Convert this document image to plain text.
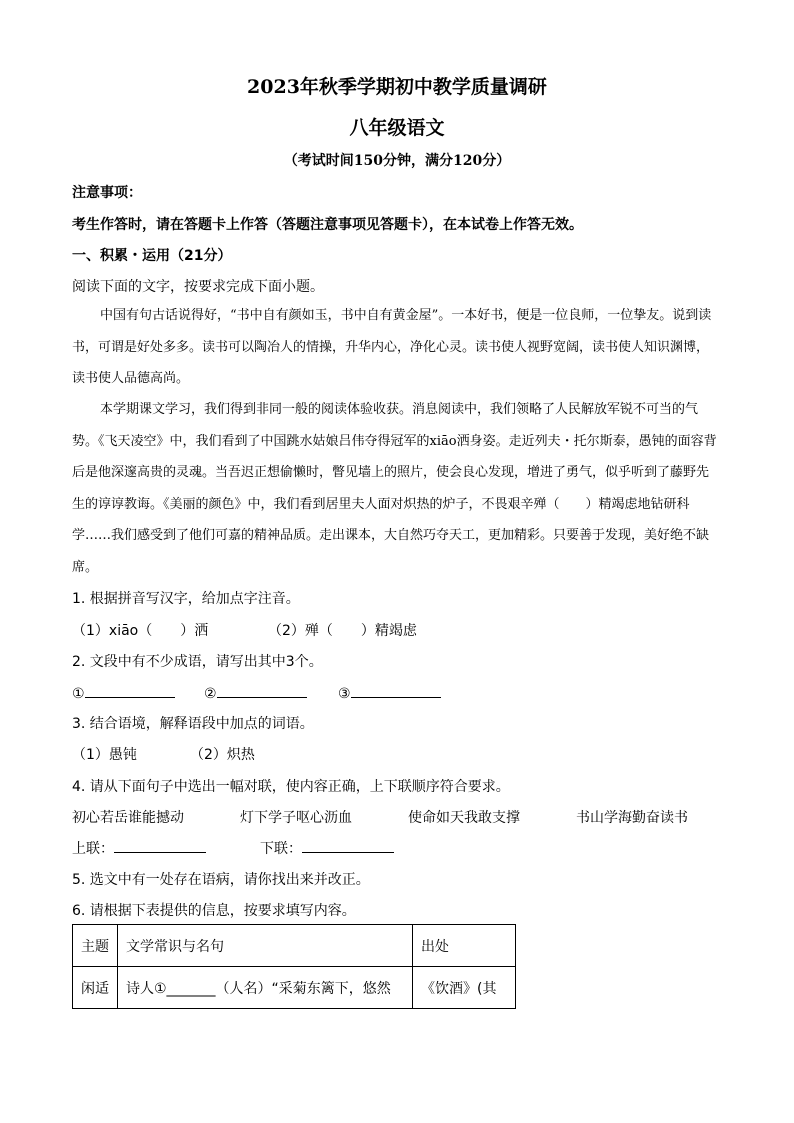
2023年秋季学期初中教学质量调研
八年级语文
（考试时间150分钟，满分120分）
注意事项：
考生作答时，请在答题卡上作答（答题注意事项见答题卡），在本试卷上作答无效。
一、积累・运用（21分）
阅读下面的文字，按要求完成下面小题。
中国有句古话说得好，“书中自有颜如玉，书中自有黄金屋”。一本好书，便是一位良师，一位挚友。说到读书，可谓是好处多多。读书可以陶冶人的情操，升华内心，净化心灵。读书使人视野宽阔，读书使人知识渊博，读书使人品德高尚。
本学期课文学习，我们得到非同一般的阅读体验收获。消息阅读中，我们领略了人民解放军锐不可当的气势。《飞天凌空》中，我们看到了中国跳水姑娘吕伟夺得冠军的xiāo洒身姿。走近列夫・托尔斯泰，愚钝的面容背后是他深邃高贵的灵魂。当吾迟正想偷懒时，瞥见墙上的照片，使会良心发现，增进了勇气，似乎听到了藤野先生的谆谆教诲。《美丽的颜色》中，我们看到居里夫人面对炽热的炉子，不畏艰辛殚（　　）精竭虑地钻研科学……我们感受到了他们可嘉的精神品质。走出课本，大自然巧夺天工，更加精彩。只要善于发现，美好绝不缺席。
1. 根据拼音写汉字，给加点字注音。
（1）xiāo（　　）洒	（2）殚（　　）精竭虑
2. 文段中有不少成语，请写出其中3个。
①	②	③
3. 结合语境，解释语段中加点的词语。
（1）愚钝	（2）炽热
4. 请从下面句子中选出一幅对联，使内容正确，上下联顺序符合要求。
初心若岳谁能撼动	灯下学子呕心沥血	使命如天我敢支撑	书山学海勤奋读书
上联：	下联：
5. 选文中有一处存在语病，请你找出来并改正。
6. 请根据下表提供的信息，按要求填写内容。
主题	文学常识与名句	出处
闲适	诗人①_______（人名）“采菊东篱下，悠然	《饮酒》(其
